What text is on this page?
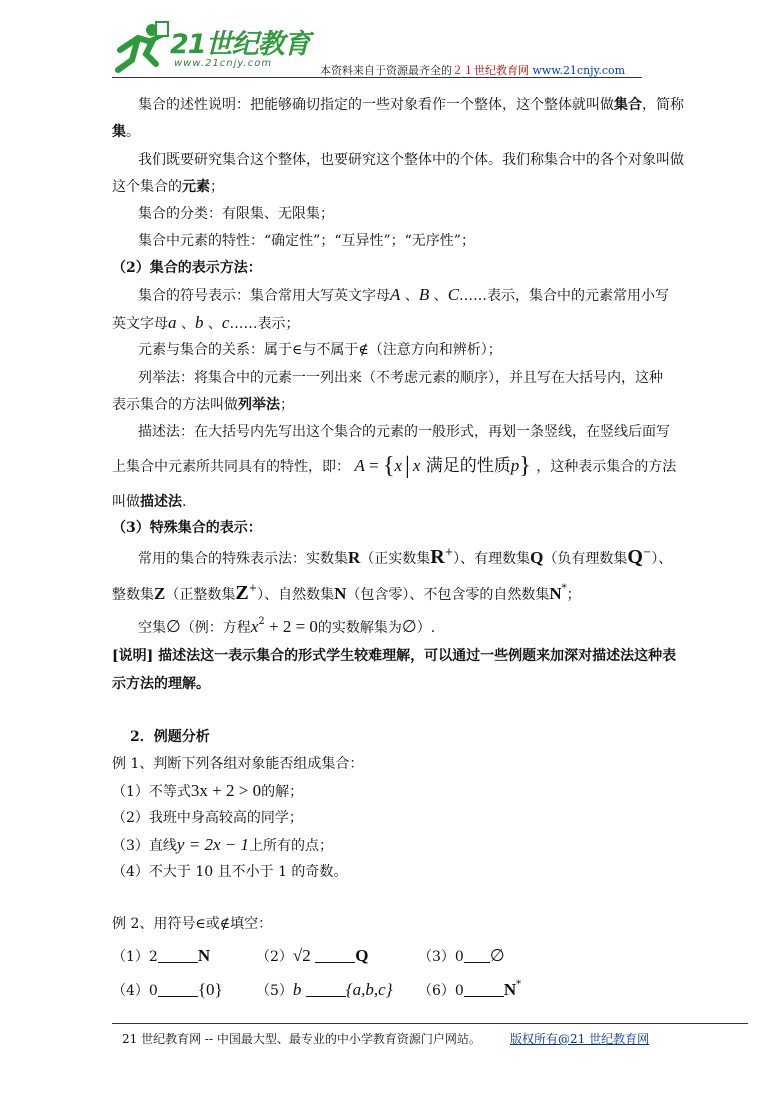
21世纪教育
www.21cnjy.com
本资料来自于资源最齐全的２１世纪教育网 www.21cnjy.com
集合的述性说明：把能够确切指定的一些对象看作一个整体，这个整体就叫做集合，简称
集。
我们既要研究集合这个整体，也要研究这个整体中的个体。我们称集合中的各个对象叫做
这个集合的元素；
集合的分类：有限集、无限集；
集合中元素的特性：“确定性”；“互异性”；“无序性”；
（2）集合的表示方法：
集合的符号表示：集合常用大写英文字母A 、B 、C……表示，集合中的元素常用小写
英文字母a 、b 、c……表示；
元素与集合的关系：属于∈与不属于∉（注意方向和辨析）；
列举法：将集合中的元素一一列出来（不考虑元素的顺序），并且写在大括号内，这种
表示集合的方法叫做列举法；
描述法：在大括号内先写出这个集合的元素的一般形式，再划一条竖线，在竖线后面写
上集合中元素所共同具有的特性，即： A = {x | x 满足的性质p} ，这种表示集合的方法
叫做描述法.
（3）特殊集合的表示：
常用的集合的特殊表示法：实数集R（正实数集R+）、有理数集Q（负有理数集Q−）、
整数集Z（正整数集Z+）、自然数集N（包含零）、不包含零的自然数集N*；
空集∅（例：方程$x^2 + 2 = 0$的实数解集为∅）.
[说明] 描述法这一表示集合的形式学生较难理解，可以通过一些例题来加深对描述法这种表
示方法的理解。
2．例题分析
例 1、判断下列各组对象能否组成集合：
（1）不等式3x + 2 > 0的解；
（2）我班中身高较高的同学；
（3）直线y = 2x − 1上所有的点；
（4）不大于 10 且不小于 1 的奇数。
例 2、用符号∈或∉填空：
（1）2 N	（2）√2	Q	（3）0 ∅
（4）0 {0} （5）b	{a,b,c} （6）0 N*
21 世纪教育网 -- 中国最大型、最专业的中小学教育资源门户网站。 版权所有@21 世纪教育网
